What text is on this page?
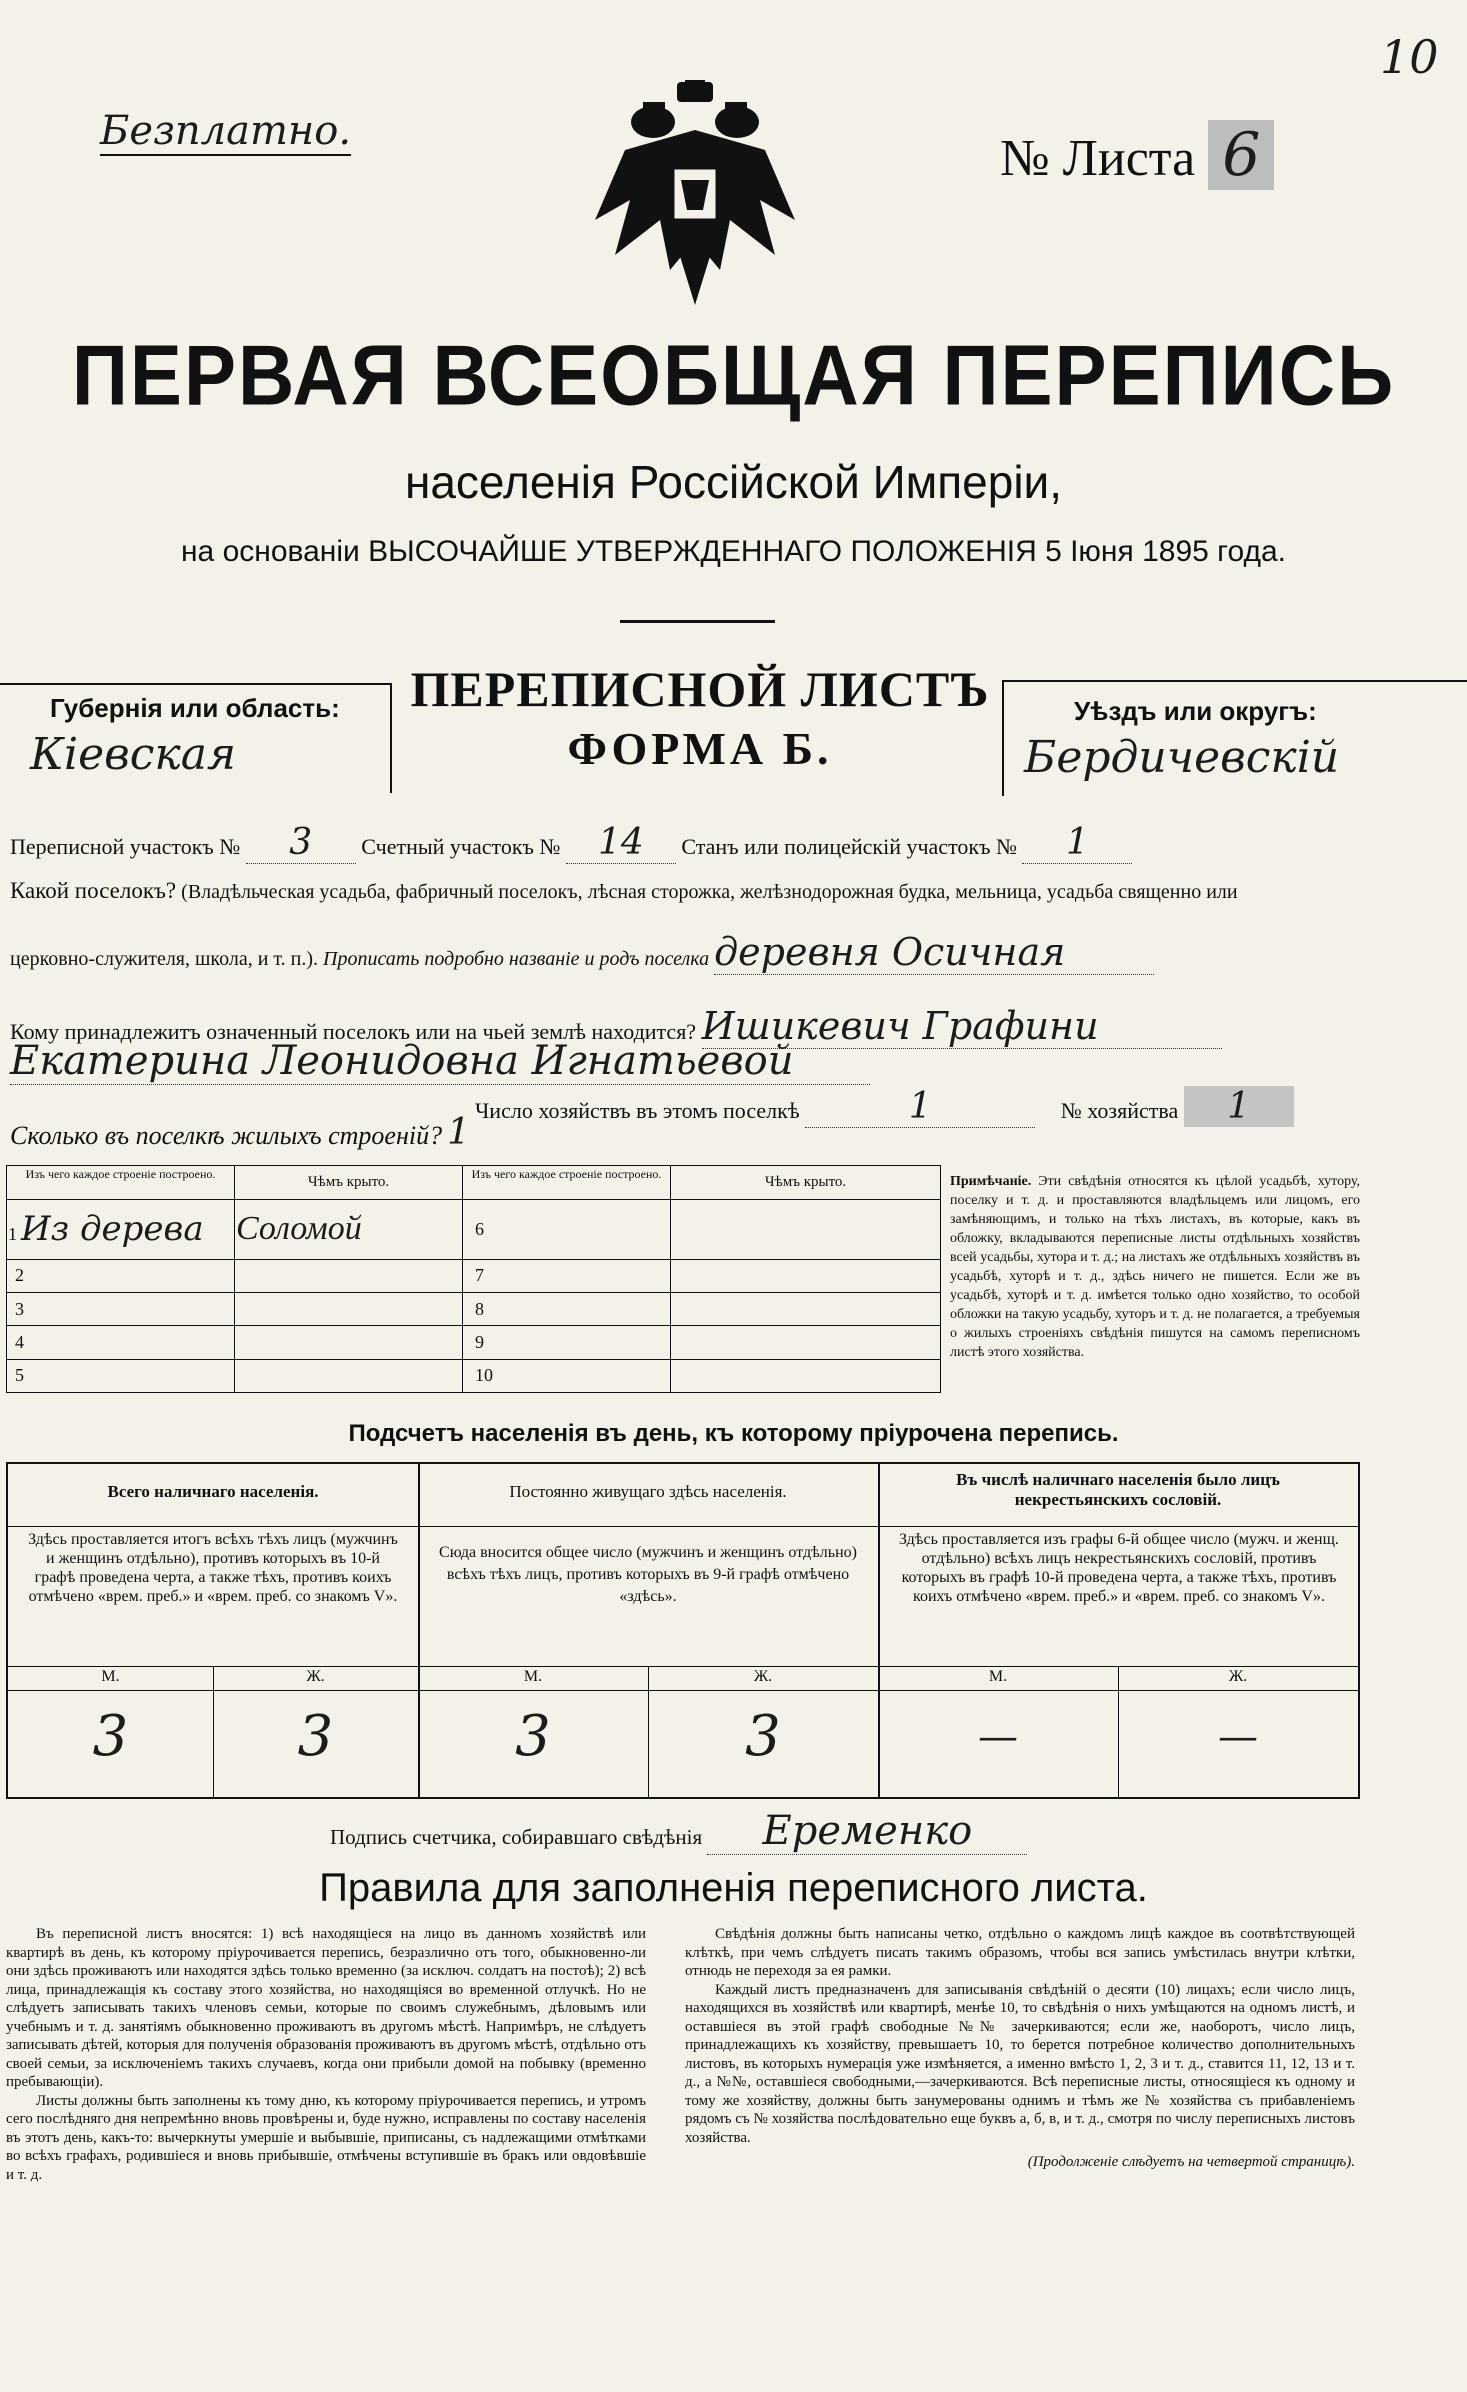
Безплатно.	№ Листа 6
10
ПЕРВАЯ ВСЕОБЩАЯ ПЕРЕПИСЬ
населенія Россійской Имперіи,
на основаніи ВЫСОЧАЙШЕ УТВЕРЖДЕННАГО ПОЛОЖЕНІЯ 5 Іюня 1895 года.
Губернія или область:
Кіевская
ПЕРЕПИСНОЙ ЛИСТЪ
ФОРМА Б.
Уѣздъ или округъ:
Бердичевскій
Переписной участокъ № 3 Счетный участокъ № 14 Станъ или полицейскій участокъ № 1
Какой поселокъ? (Владѣльческая усадьба, фабричный поселокъ, лѣсная сторожка, желѣзнодорожная будка, мельница, усадьба священно или
церковно-служителя, школа, и т. п.). Прописать подробно названіе и родъ поселка деревня Осичная
Кому принадлежитъ означенный поселокъ или на чьей землѣ находится? Ишикевич Графини
Екатерина Леонидовна Игнатьевой
Число хозяйствъ въ этомъ поселкѣ	1	№ хозяйства 1
Сколько въ поселкѣ жилыхъ строеній? 1
Изъ чего каждое строеніе построено.	Чѣмъ крыто.	Изъ чего каждое строеніе построено.	Чѣмъ крыто.
1 Из дерева	Соломой	6	
2		7	
3		8	
4		9	
5		10	
Примѣчаніе. Эти свѣдѣнія относятся къ цѣлой усадьбѣ, хутору, поселку и т. д. и проставляются владѣльцемъ или лицомъ, его замѣняющимъ, и только на тѣхъ листахъ, въ которые, какъ въ обложку, вкладываются переписные листы отдѣльныхъ хозяйствъ всей усадьбы, хутора и т. д.; на листахъ же отдѣльныхъ хозяйствъ въ усадьбѣ, хуторѣ и т. д., здѣсь ничего не пишется. Если же въ усадьбѣ, хуторѣ и т. д. имѣется только одно хозяйство, то особой обложки на такую усадьбу, хуторъ и т. д. не полагается, а требуемыя о жилыхъ строеніяхъ свѣдѣнія пишутся на самомъ переписномъ листѣ этого хозяйства.
Подсчетъ населенія въ день, къ которому пріурочена перепись.
Всего наличнаго населенія.
Здѣсь проставляется итогъ всѣхъ тѣхъ лицъ (мужчинъ и женщинъ отдѣльно), противъ которыхъ въ 10-й графѣ проведена черта, а также тѣхъ, противъ коихъ отмѣчено «врем. преб.» и «врем. преб. со знакомъ V».
Постоянно живущаго здѣсь населенія.
Сюда вносится общее число (мужчинъ и женщинъ отдѣльно) всѣхъ тѣхъ лицъ, противъ которыхъ въ 9-й графѣ отмѣчено «здѣсь».
Въ числѣ наличнаго населенія было лицъ некрестьянскихъ сословій.
Здѣсь проставляется изъ графы 6-й общее число (мужч. и женщ. отдѣльно) всѣхъ лицъ некрестьянскихъ сословій, противъ которыхъ въ графѣ 10-й проведена черта, а также тѣхъ, противъ коихъ отмѣчено «врем. преб.» и «врем. преб. со знакомъ V».
М.	Ж.	М.	Ж.	М.	Ж.
3	3	3	3	—	—
Подпись счетчика, собиравшаго свѣдѣнія Еременко
Правила для заполненія переписного листа.
Въ переписной листъ вносятся: 1) всѣ находящіеся на лицо въ данномъ хозяйствѣ или квартирѣ въ день, къ которому пріурочивается перепись, безразлично отъ того, обыкновенно-ли они здѣсь проживаютъ или находятся здѣсь только временно (за исключ. солдатъ на постоѣ); 2) всѣ лица, принадлежащія къ составу этого хозяйства, но находящіяся во временной отлучкѣ. Но не слѣдуетъ записывать такихъ членовъ семьи, которые по своимъ служебнымъ, дѣловымъ или учебнымъ и т. д. занятіямъ обыкновенно проживаютъ въ другомъ мѣстѣ. Напримѣръ, не слѣдуетъ записывать дѣтей, которыя для полученія образованія проживаютъ въ другомъ мѣстѣ, отдѣльно отъ своей семьи, за исключеніемъ такихъ случаевъ, когда они прибыли домой на побывку (временно пребывающіи).
Листы должны быть заполнены къ тому дню, къ которому пріурочивается перепись, и утромъ сего послѣдняго дня непремѣнно вновь провѣрены и, буде нужно, исправлены по составу населенія въ этотъ день, какъ-то: вычеркнуты умершіе и выбывшіе, приписаны, съ надлежащими отмѣтками во всѣхъ графахъ, родившіеся и вновь прибывшіе, отмѣчены вступившіе въ бракъ или овдовѣвшіе и т. д.
Свѣдѣнія должны быть написаны четко, отдѣльно о каждомъ лицѣ каждое въ соотвѣтствующей клѣткѣ, при чемъ слѣдуетъ писать такимъ образомъ, чтобы вся запись умѣстилась внутри клѣтки, отнюдь не переходя за ея рамки.
Каждый листъ предназначенъ для записыванія свѣдѣній о десяти (10) лицахъ; если число лицъ, находящихся въ хозяйствѣ или квартирѣ, менѣе 10, то свѣдѣнія о нихъ умѣщаются на одномъ листѣ, и оставшіеся въ этой графѣ свободные №№ зачеркиваются; если же, наоборотъ, число лицъ, принадлежащихъ къ хозяйству, превышаетъ 10, то берется потребное количество дополнительныхъ листовъ, въ которыхъ нумерація уже измѣняется, а именно вмѣсто 1, 2, 3 и т. д., ставится 11, 12, 13 и т. д., а №№, оставшіеся свободными,—зачеркиваются. Всѣ переписные листы, относящіеся къ одному и тому же хозяйству, должны быть занумерованы однимъ и тѣмъ же № хозяйства съ прибавленіемъ рядомъ съ № хозяйства послѣдовательно еще буквъ а, б, в, и т. д., смотря по числу переписныхъ листовъ хозяйства.
(Продолженіе слѣдуетъ на четвертой страницѣ).
